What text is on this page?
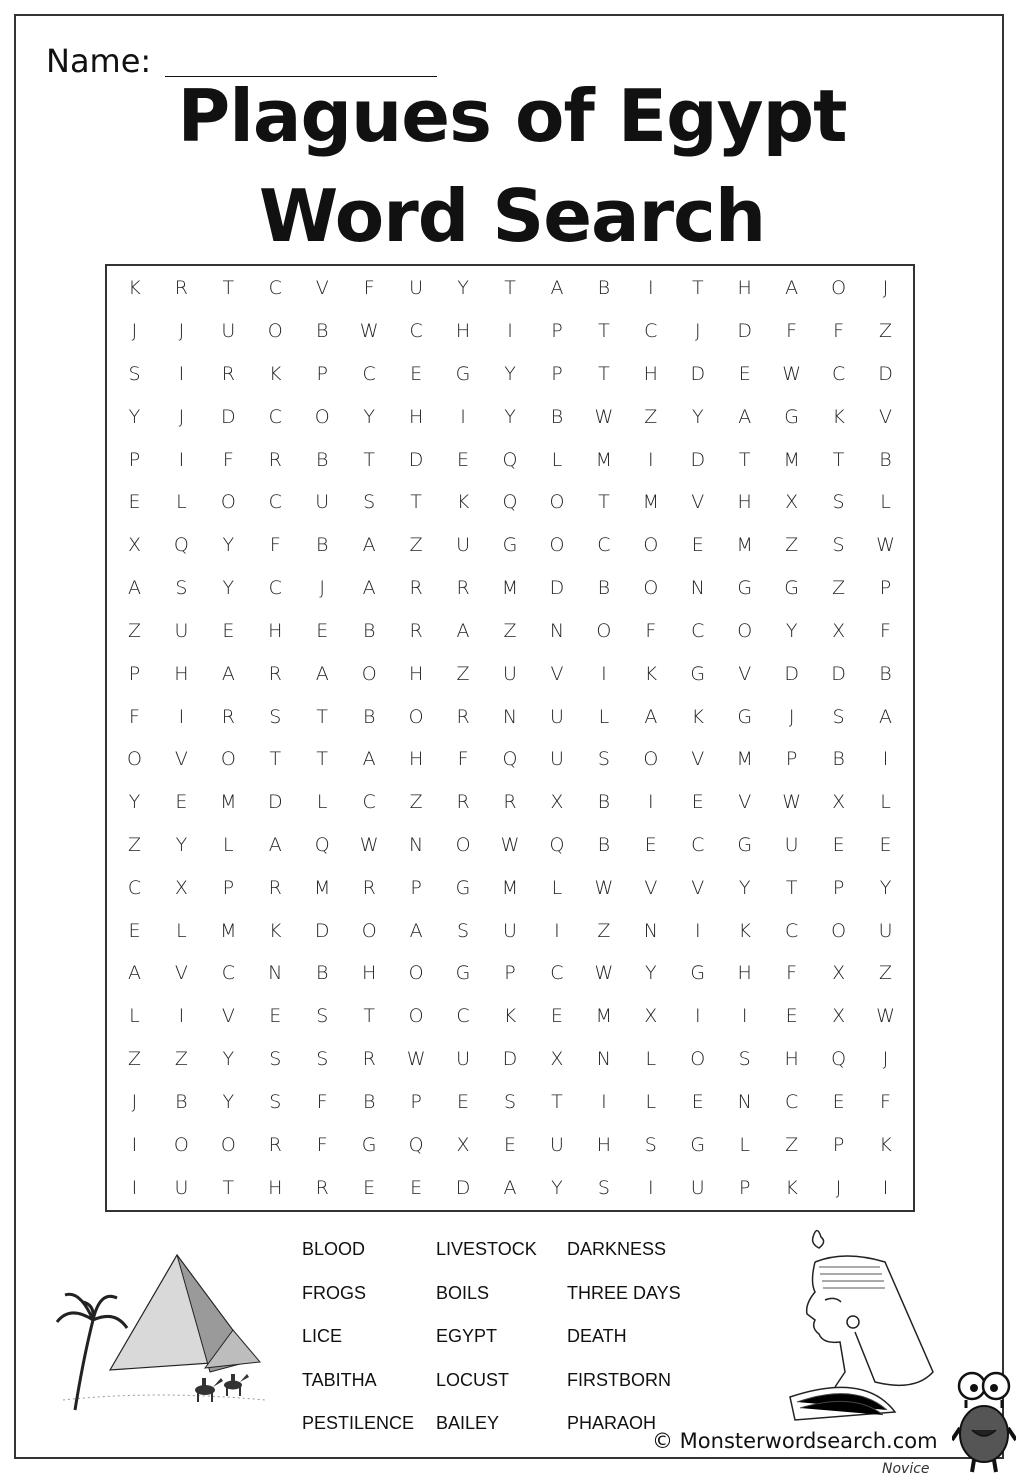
Name:
Plagues of Egypt
Word Search
K	R	T	C	V	F	U	Y	T	A	B	I	T	H	A	O	J
J	J	U	O	B	W	C	H	I	P	T	C	J	D	F	F	Z
S	I	R	K	P	C	E	G	Y	P	T	H	D	E	W	C	D
Y	J	D	C	O	Y	H	I	Y	B	W	Z	Y	A	G	K	V
P	I	F	R	B	T	D	E	Q	L	M	I	D	T	M	T	B
E	L	O	C	U	S	T	K	Q	O	T	M	V	H	X	S	L
X	Q	Y	F	B	A	Z	U	G	O	C	O	E	M	Z	S	W
A	S	Y	C	J	A	R	R	M	D	B	O	N	G	G	Z	P
Z	U	E	H	E	B	R	A	Z	N	O	F	C	O	Y	X	F
P	H	A	R	A	O	H	Z	U	V	I	K	G	V	D	D	B
F	I	R	S	T	B	O	R	N	U	L	A	K	G	J	S	A
O	V	O	T	T	A	H	F	Q	U	S	O	V	M	P	B	I
Y	E	M	D	L	C	Z	R	R	X	B	I	E	V	W	X	L
Z	Y	L	A	Q	W	N	O	W	Q	B	E	C	G	U	E	E
C	X	P	R	M	R	P	G	M	L	W	V	V	Y	T	P	Y
E	L	M	K	D	O	A	S	U	I	Z	N	I	K	C	O	U
A	V	C	N	B	H	O	G	P	C	W	Y	G	H	F	X	Z
L	I	V	E	S	T	O	C	K	E	M	X	I	I	E	X	W
Z	Z	Y	S	S	R	W	U	D	X	N	L	O	S	H	Q	J
J	B	Y	S	F	B	P	E	S	T	I	L	E	N	C	E	F
I	O	O	R	F	G	Q	X	E	U	H	S	G	L	Z	P	K
I	U	T	H	R	E	E	D	A	Y	S	I	U	P	K	J	I
BLOOD
FROGS
LICE
TABITHA
PESTILENCE
LIVESTOCK
BOILS
EGYPT
LOCUST
BAILEY
DARKNESS
THREE DAYS
DEATH
FIRSTBORN
PHARAOH
© Monsterwordsearch.com
Novice
